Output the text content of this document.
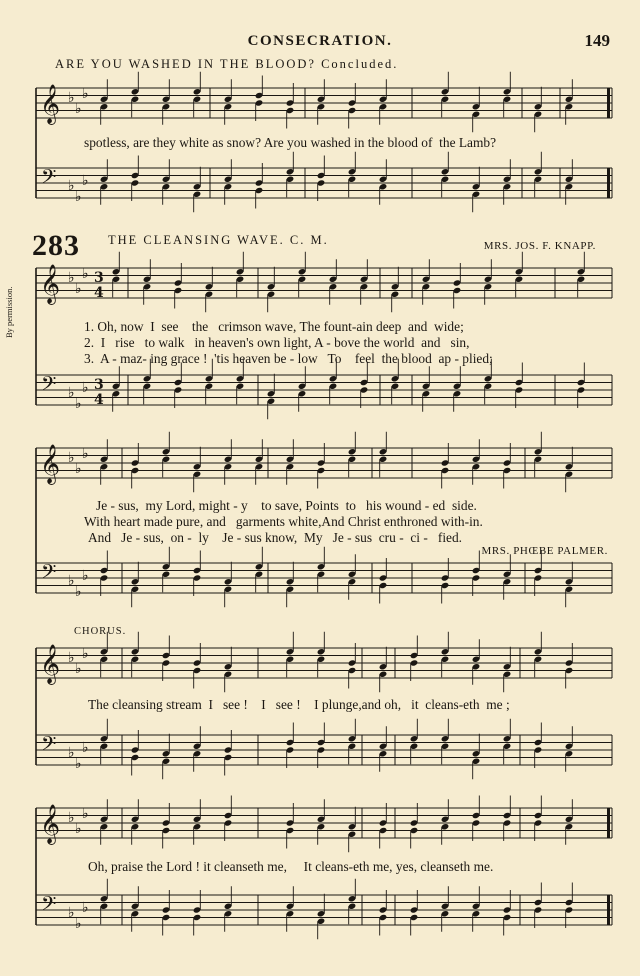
CONSECRATION.	149
ARE YOU WASHED IN THE BLOOD? Concluded.
𝄞
𝄢
♭
♭
♭
♭
♭
♭
𝄞
𝄢
♭
♭
♭
♭
♭
♭
3
4
3
4
𝄞
𝄢
♭
♭
♭
♭
♭
♭
𝄞
𝄢
♭
♭
♭
♭
♭
♭
𝄞
𝄢
♭
♭
♭
♭
♭
♭
spotless, are they white as snow? Are you washed in the blood of  the Lamb?
283 THE CLEANSING WAVE. C. M.	MRS. JOS. F. KNAPP.
By permission.	1. Oh, now  I  see    the   crimson wave, The fount-ain deep  and  wide;
2.  I   rise   to walk   in heaven's own light, A - bove the world  and   sin,
3.  A - maz- ing grace !  'tis heaven be - low   To    feel  the blood  ap - plied;
Je - sus,  my Lord, might - y    to save, Points  to   his wound - ed  side.
With heart made pure, and   garments white,And Christ enthroned with-in.
And   Je - sus,  on -  ly    Je - sus know,  My   Je - sus  cru -  ci -   fied.
MRS. PHŒBE PALMER.
CHORUS.
The cleansing stream  I   see !    I   see !    I plunge,and oh,   it  cleans-eth  me ;
Oh, praise the Lord ! it cleanseth me,     It cleans-eth me, yes, cleanseth me.
